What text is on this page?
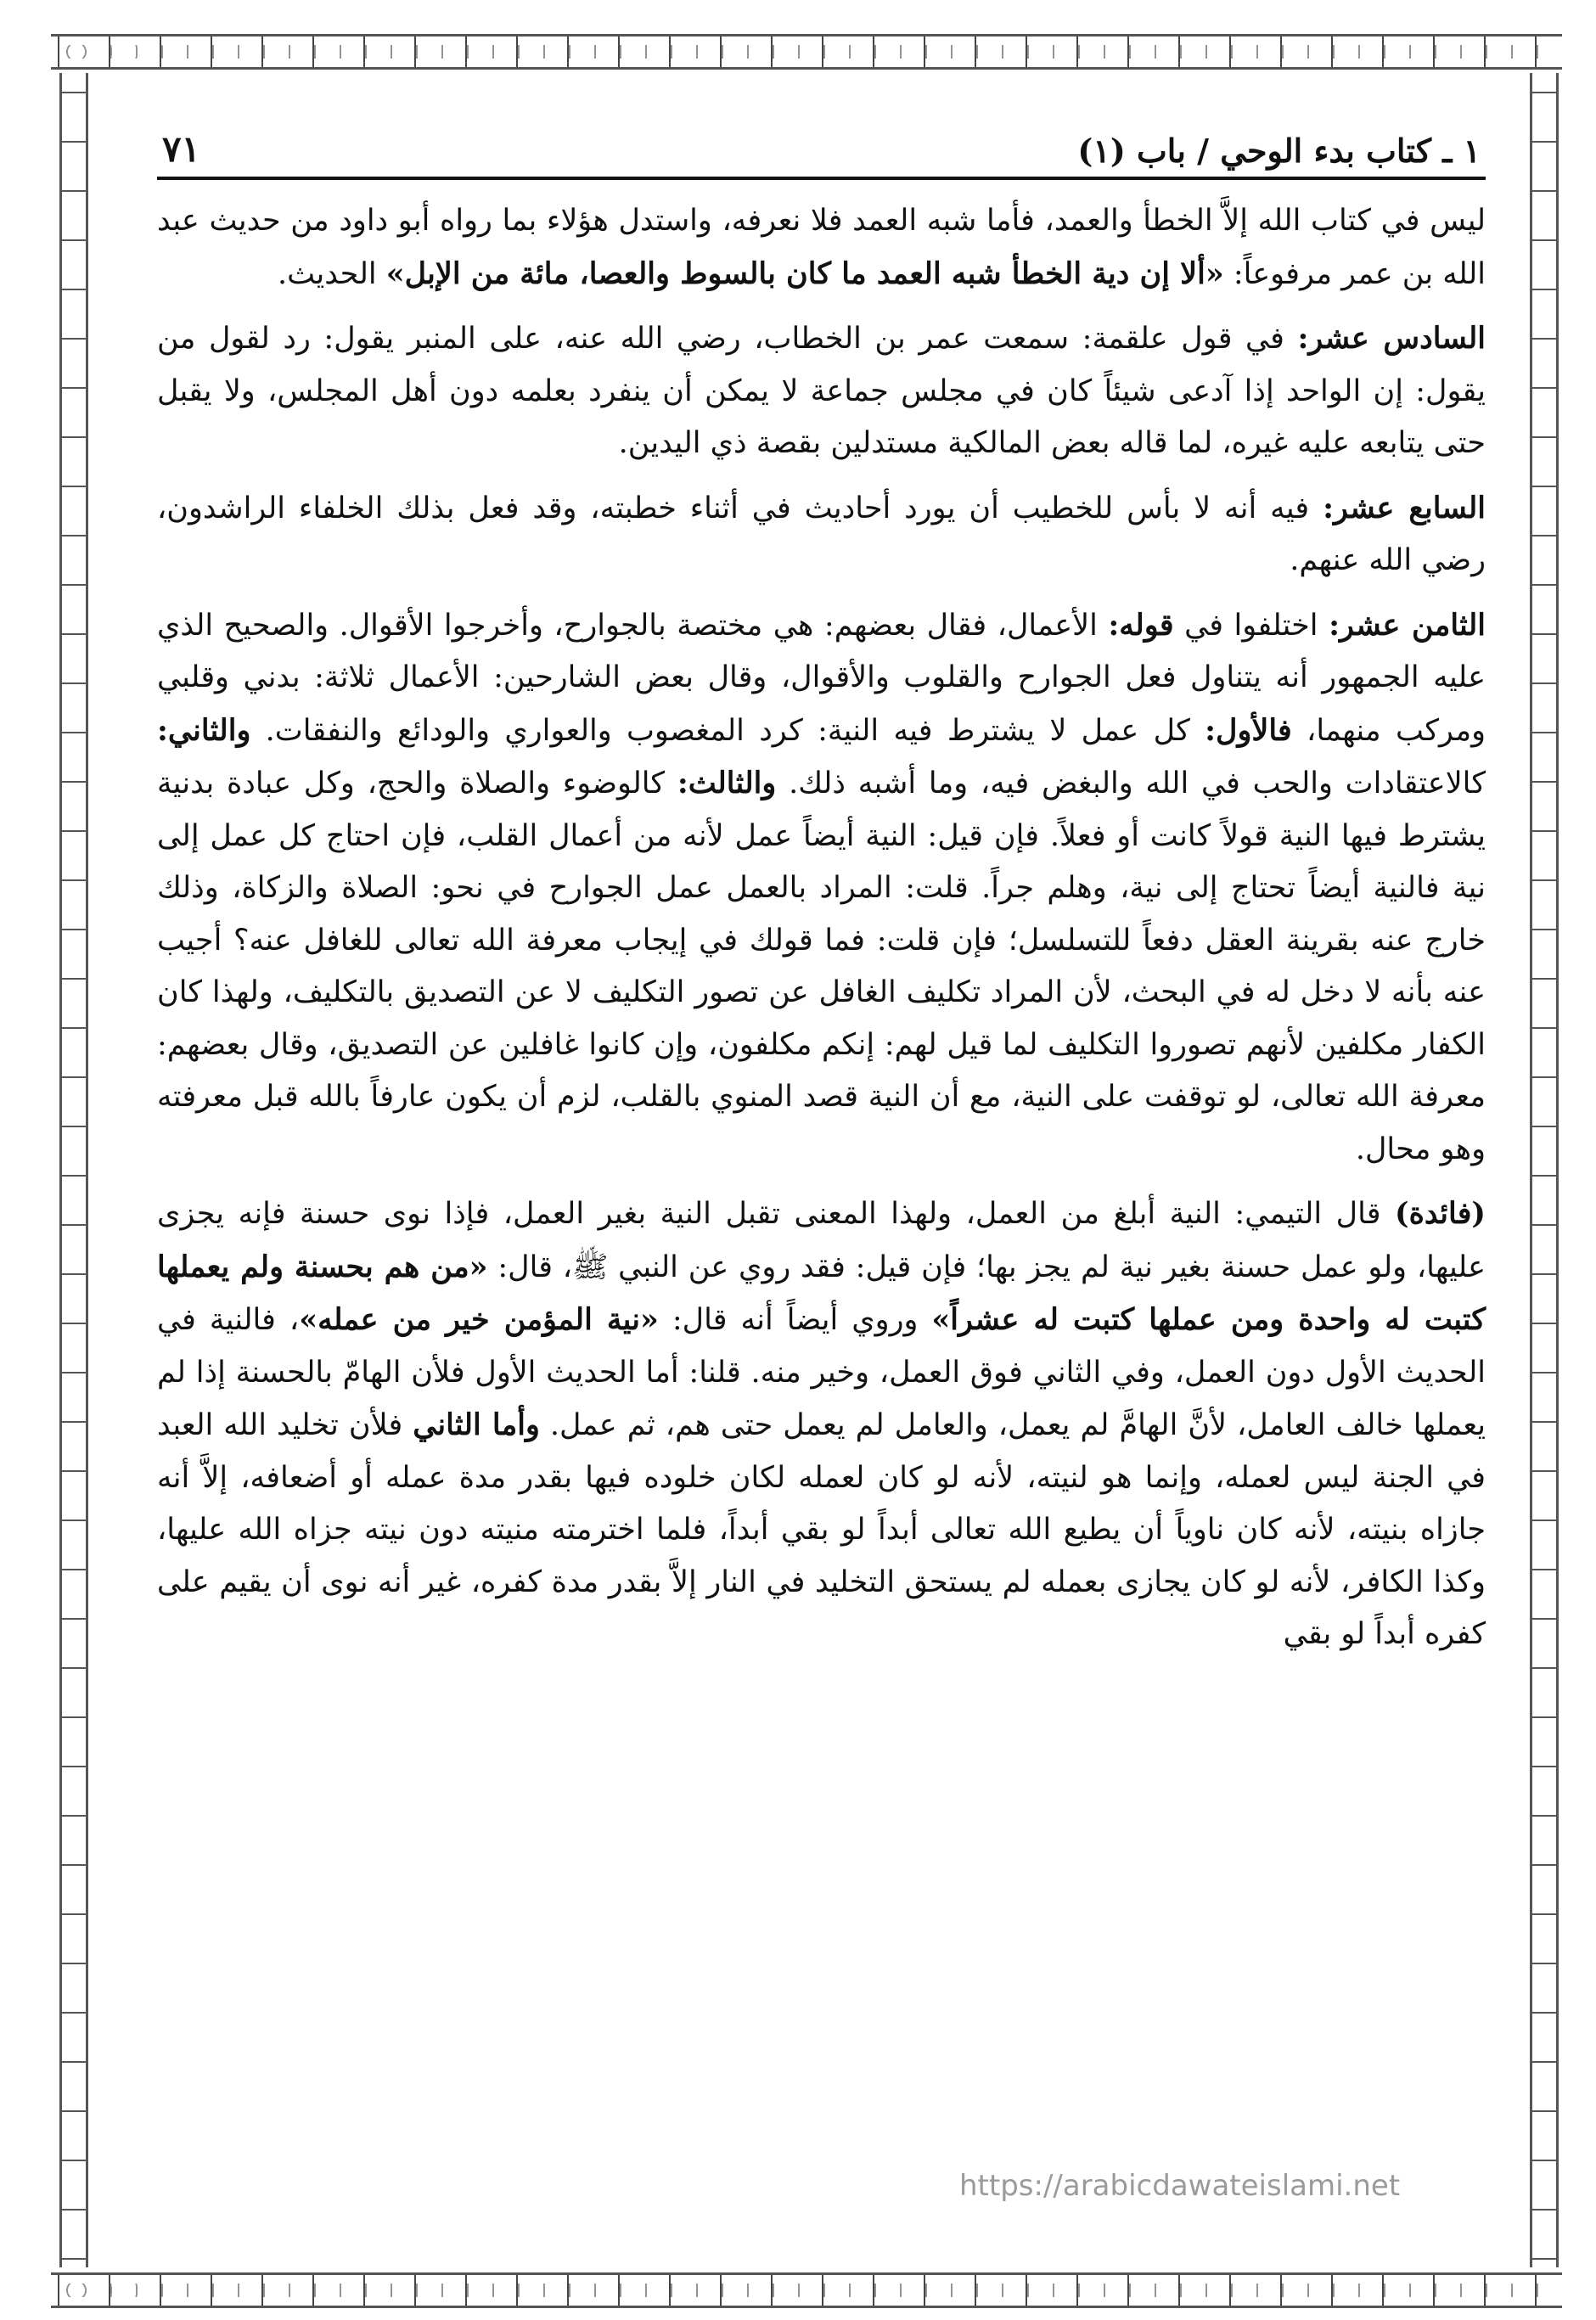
١ ـ كتاب بدء الوحي / باب (١)
٧١

ليس في كتاب الله إلاَّ الخطأ والعمد، فأما شبه العمد فلا نعرفه، واستدل هؤلاء بما رواه أبو داود من حديث عبد الله بن عمر مرفوعاً: «ألا إن دية الخطأ شبه العمد ما كان بالسوط والعصا، مائة من الإبل» الحديث.

السادس عشر: في قول علقمة: سمعت عمر بن الخطاب، رضي الله عنه، على المنبر يقول: رد لقول من يقول: إن الواحد إذا آدعى شيئاً كان في مجلس جماعة لا يمكن أن ينفرد بعلمه دون أهل المجلس، ولا يقبل حتى يتابعه عليه غيره، لما قاله بعض المالكية مستدلين بقصة ذي اليدين.

السابع عشر: فيه أنه لا بأس للخطيب أن يورد أحاديث في أثناء خطبته، وقد فعل بذلك الخلفاء الراشدون، رضي الله عنهم.

الثامن عشر: اختلفوا في قوله: الأعمال، فقال بعضهم: هي مختصة بالجوارح، وأخرجوا الأقوال. والصحيح الذي عليه الجمهور أنه يتناول فعل الجوارح والقلوب والأقوال، وقال بعض الشارحين: الأعمال ثلاثة: بدني وقلبي ومركب منهما، فالأول: كل عمل لا يشترط فيه النية: كرد المغصوب والعواري والودائع والنفقات. والثاني: كالاعتقادات والحب في الله والبغض فيه، وما أشبه ذلك. والثالث: كالوضوء والصلاة والحج، وكل عبادة بدنية يشترط فيها النية قولاً كانت أو فعلاً. فإن قيل: النية أيضاً عمل لأنه من أعمال القلب، فإن احتاج كل عمل إلى نية فالنية أيضاً تحتاج إلى نية، وهلم جراً. قلت: المراد بالعمل عمل الجوارح في نحو: الصلاة والزكاة، وذلك خارج عنه بقرينة العقل دفعاً للتسلسل؛ فإن قلت: فما قولك في إيجاب معرفة الله تعالى للغافل عنه؟ أجيب عنه بأنه لا دخل له في البحث، لأن المراد تكليف الغافل عن تصور التكليف لا عن التصديق بالتكليف، ولهذا كان الكفار مكلفين لأنهم تصوروا التكليف لما قيل لهم: إنكم مكلفون، وإن كانوا غافلين عن التصديق، وقال بعضهم: معرفة الله تعالى، لو توقفت على النية، مع أن النية قصد المنوي بالقلب، لزم أن يكون عارفاً بالله قبل معرفته وهو محال.

(فائدة) قال التيمي: النية أبلغ من العمل، ولهذا المعنى تقبل النية بغير العمل، فإذا نوى حسنة فإنه يجزى عليها، ولو عمل حسنة بغير نية لم يجز بها؛ فإن قيل: فقد روي عن النبي ﷺ، قال: «من هم بحسنة ولم يعملها كتبت له واحدة ومن عملها كتبت له عشراً» وروي أيضاً أنه قال: «نية المؤمن خير من عمله»، فالنية في الحديث الأول دون العمل، وفي الثاني فوق العمل، وخير منه. قلنا: أما الحديث الأول فلأن الهامّ بالحسنة إذا لم يعملها خالف العامل، لأنَّ الهامَّ لم يعمل، والعامل لم يعمل حتى هم، ثم عمل. وأما الثاني فلأن تخليد الله العبد في الجنة ليس لعمله، وإنما هو لنيته، لأنه لو كان لعمله لكان خلوده فيها بقدر مدة عمله أو أضعافه، إلاَّ أنه جازاه بنيته، لأنه كان ناوياً أن يطيع الله تعالى أبداً لو بقي أبداً، فلما اخترمته منيته دون نيته جزاه الله عليها، وكذا الكافر، لأنه لو كان يجازى بعمله لم يستحق التخليد في النار إلاَّ بقدر مدة كفره، غير أنه نوى أن يقيم على كفره أبداً لو بقي

https://arabicdawateislami.net
